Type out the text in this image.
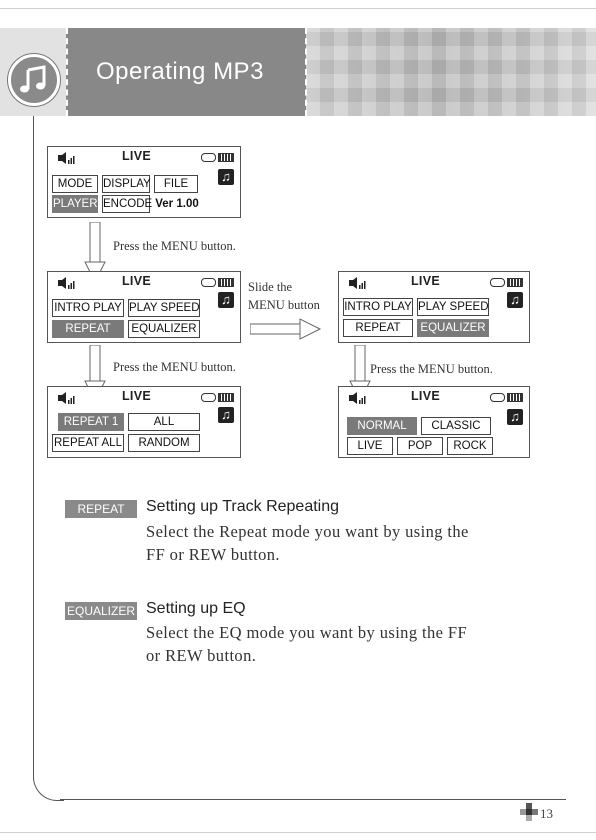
Operating MP3
LIVE
♫
MODE DISPLAY	FILE
PLAYER ENCODE Ver 1.00
Press the MENU button.
LIVE
♫
INTRO PLAY PLAY SPEED
REPEAT	EQUALIZER
Slide the
MENU button
LIVE
♫
INTRO PLAY PLAY SPEED
REPEAT	EQUALIZER
Press the MENU button.	Press the MENU button.
LIVE
♫
REPEAT 1	ALL
REPEAT ALL	RANDOM
LIVE
♫
NORMAL	CLASSIC
LIVE	POP	ROCK
REPEAT	Setting up Track Repeating
Select the Repeat mode you want by using the
FF or REW button.
EQUALIZER Setting up EQ
Select the EQ mode you want by using the FF
or REW button.
13
